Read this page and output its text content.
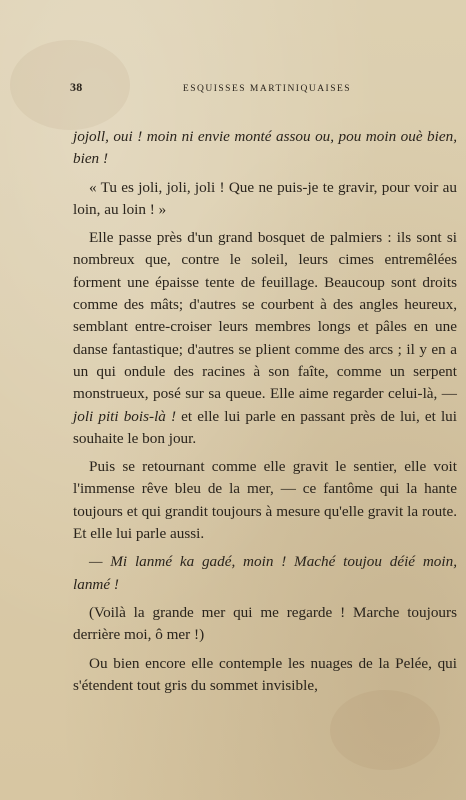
38	ESQUISSES MARTINIQUAISES

jojoll, oui ! moin ni envie monté assou ou, pou moin ouè bien, bien !

« Tu es joli, joli, joli ! Que ne puis-je te gravir, pour voir au loin, au loin ! »

Elle passe près d'un grand bosquet de palmiers : ils sont si nombreux que, contre le soleil, leurs cimes entremêlées forment une épaisse tente de feuillage. Beaucoup sont droits comme des mâts; d'autres se courbent à des angles heureux, semblant entre-croiser leurs membres longs et pâles en une danse fantastique; d'autres se plient comme des arcs ; il y en a un qui ondule des racines à son faîte, comme un serpent monstrueux, posé sur sa queue. Elle aime regarder celui-là, — joli piti bois-là ! et elle lui parle en passant près de lui, et lui souhaite le bon jour.

Puis se retournant comme elle gravit le sentier, elle voit l'immense rêve bleu de la mer, — ce fantôme qui la hante toujours et qui grandit toujours à mesure qu'elle gravit la route. Et elle lui parle aussi.

— Mi lanmé ka gadé, moin ! Maché toujou déié moin, lanmé !

(Voilà la grande mer qui me regarde ! Marche toujours derrière moi, ô mer !)

Ou bien encore elle contemple les nuages de la Pelée, qui s'étendent tout gris du sommet invisible,
